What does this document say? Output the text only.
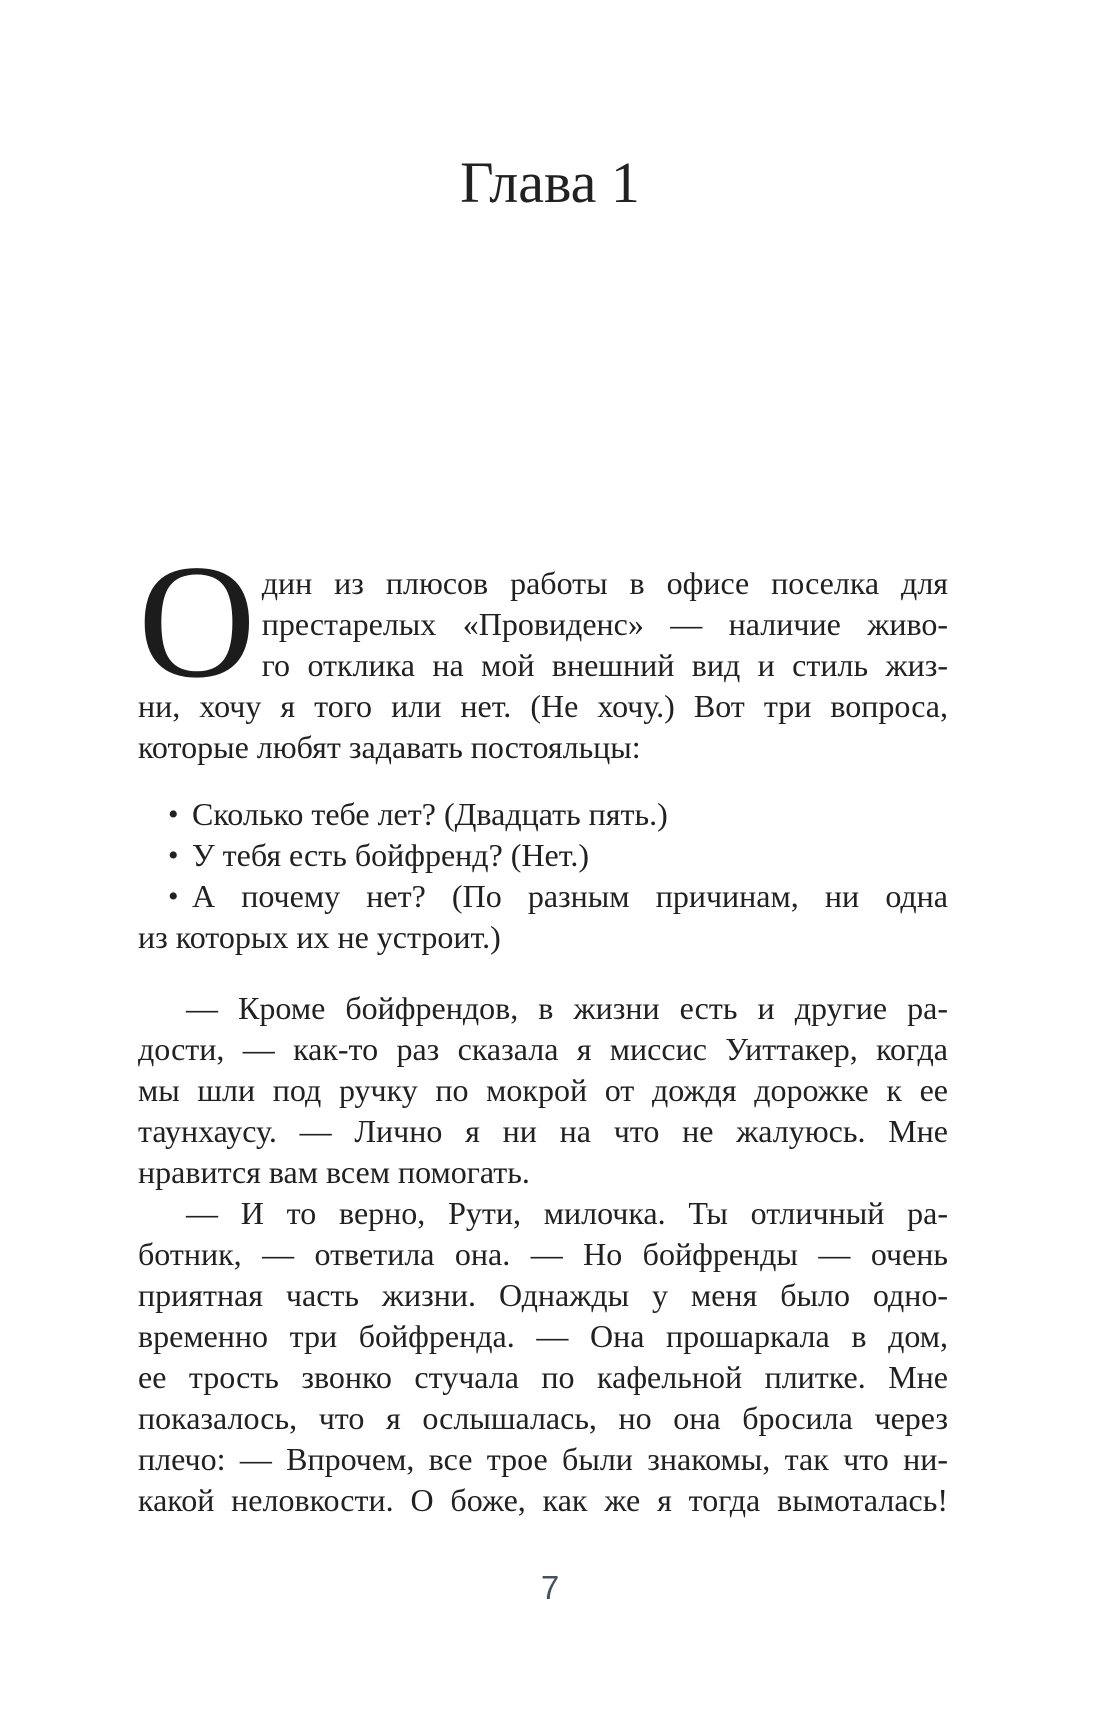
Глава 1
О дин из плюсов работы в офисе поселка для
престарелых «Провиденс» — наличие живо-
го отклика на мой внешний вид и стиль жиз-
ни, хочу я того или нет. (Не хочу.) Вот три вопроса,
которые любят задавать постояльцы:
• Сколько тебе лет? (Двадцать пять.)
• У тебя есть бойфренд? (Нет.)
• А почему нет? (По разным причинам, ни одна
из которых их не устроит.)
— Кроме бойфрендов, в жизни есть и другие ра-
дости, — как-то раз сказала я миссис Уиттакер, когда
мы шли под ручку по мокрой от дождя дорожке к ее
таунхаусу. — Лично я ни на что не жалуюсь. Мне
нравится вам всем помогать.
— И то верно, Рути, милочка. Ты отличный ра-
ботник, — ответила она. — Но бойфренды — очень
приятная часть жизни. Однажды у меня было одно-
временно три бойфренда. — Она прошаркала в дом,
ее трость звонко стучала по кафельной плитке. Мне
показалось, что я ослышалась, но она бросила через
плечо: — Впрочем, все трое были знакомы, так что ни-
какой неловкости. О боже, как же я тогда вымоталась!
7
